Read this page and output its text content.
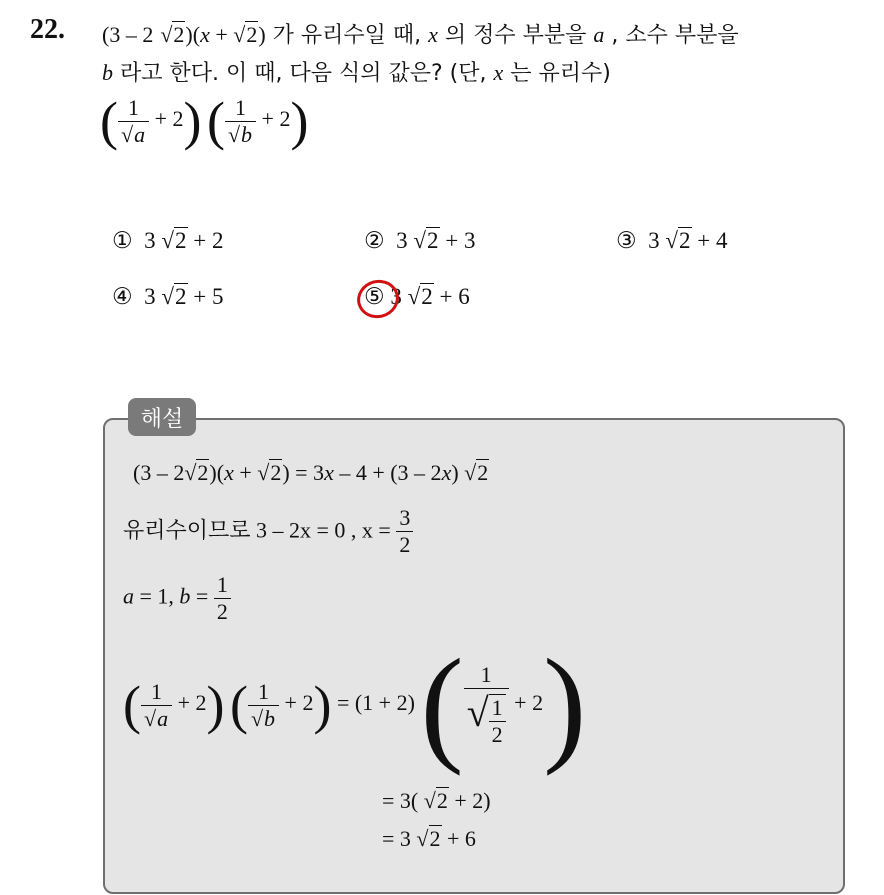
22. (3 – 2 √2)(x + √2) 가 유리수일 때, x 의 정수 부분을 a , 소수 부분을
b 라고 한다. 이 때, 다음 식의 값은? (단, x 는 유리수)
( $\frac{1}{√a} + 2$) ( $\frac{1}{√b} + 2$)
① 3 √2 + 2	② 3 √2 + 3	③ 3 √2 + 4
④ 3 √2 + 5	⑤ 3 √2 + 6
해설
(3 – 2√2)(x + √2) = 3x – 4 + (3 – 2x) √2
유리수이므로 3 – 2x = 0 , $x = \frac{3}{2}$
a = 1, $b = \frac{1}{2}$
( $\frac{1}{√a} + 2$) ( $\frac{1}{√b} + 2) = (1 + 2)$ ( $\frac{1}{√ \frac{1}{2}} + 2$)
= 3( √2 + 2)
= 3 √2 + 6
